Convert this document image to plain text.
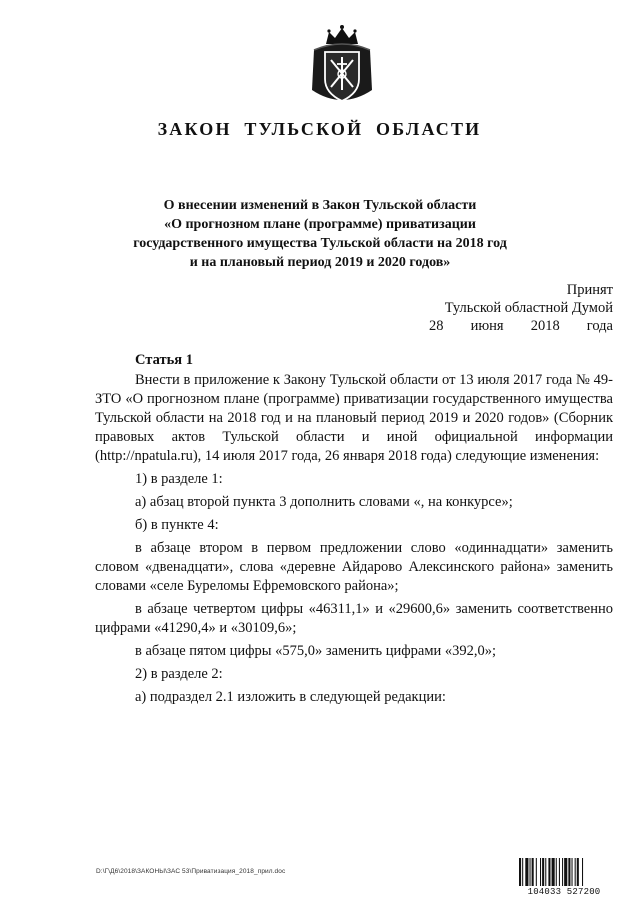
ЗАКОН ТУЛЬСКОЙ ОБЛАСТИ
О внесении изменений в Закон Тульской области
«О прогнозном плане (программе) приватизации
государственного имущества Тульской области на 2018 год
и на плановый период 2019 и 2020 годов»
Принят
Тульской областной Думой
28 июня 2018 года
Статья 1

Внести в приложение к Закону Тульской области от 13 июля 2017 года № 49-ЗТО «О прогнозном плане (программе) приватизации государственного имущества Тульской области на 2018 год и на плановый период 2019 и 2020 годов» (Сборник правовых актов Тульской области и иной официальной информации (http://npatula.ru), 14 июля 2017 года, 26 января 2018 года) следующие изменения:

1) в разделе 1:

а) абзац второй пункта 3 дополнить словами «, на конкурсе»;

б) в пункте 4:

в абзаце втором в первом предложении слово «одиннадцати» заменить словом «двенадцати», слова «деревне Айдарово Алексинского района» заменить словами «селе Буреломы Ефремовского района»;

в абзаце четвертом цифры «46311,1» и «29600,6» заменить соответственно цифрами «41290,4» и «30109,6»;

в абзаце пятом цифры «575,0» заменить цифрами «392,0»;

2) в разделе 2:

а) подраздел 2.1 изложить в следующей редакции:

D:\Г\Д6\2018\ЗАКОНЫ\ЗАС 53\Приватизация_2018_прил.doc
104033 527200
